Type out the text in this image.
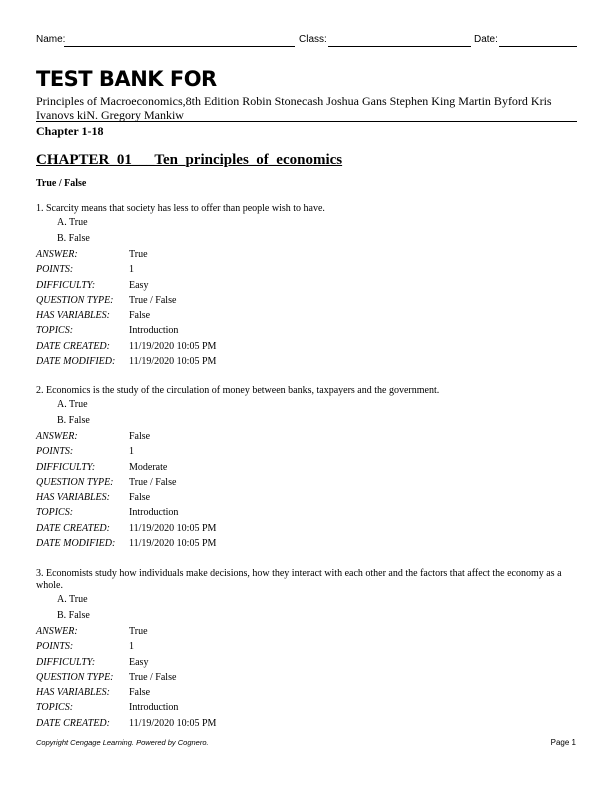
Name:	Class:	Date:
TEST BANK FOR
Principles of Macroeconomics,8th Edition Robin Stonecash Joshua Gans Stephen King Martin Byford Kris Ivanovs kiN. Gregory Mankiw
Chapter 1-18
CHAPTER_01___Ten_principles_of_economics
True / False
1. Scarcity means that society has less to offer than people wish to have.
A. True
B. False
ANSWER:	True
POINTS:	1
DIFFICULTY:	Easy
QUESTION TYPE: True / False
HAS VARIABLES: False
TOPICS:	Introduction
DATE CREATED: 11/19/2020 10:05 PM
DATE MODIFIED: 11/19/2020 10:05 PM
2. Economics is the study of the circulation of money between banks, taxpayers and the government.
A. True
B. False
ANSWER:	False
POINTS:	1
DIFFICULTY:	Moderate
QUESTION TYPE: True / False
HAS VARIABLES: False
TOPICS:	Introduction
DATE CREATED: 11/19/2020 10:05 PM
DATE MODIFIED: 11/19/2020 10:05 PM
3. Economists study how individuals make decisions, how they interact with each other and the factors that affect the economy as a whole.
A. True
B. False
ANSWER:	True
POINTS:	1
DIFFICULTY:	Easy
QUESTION TYPE: True / False
HAS VARIABLES: False
TOPICS:	Introduction
DATE CREATED: 11/19/2020 10:05 PM
Copyright Cengage Learning. Powered by Cognero.	Page 1
